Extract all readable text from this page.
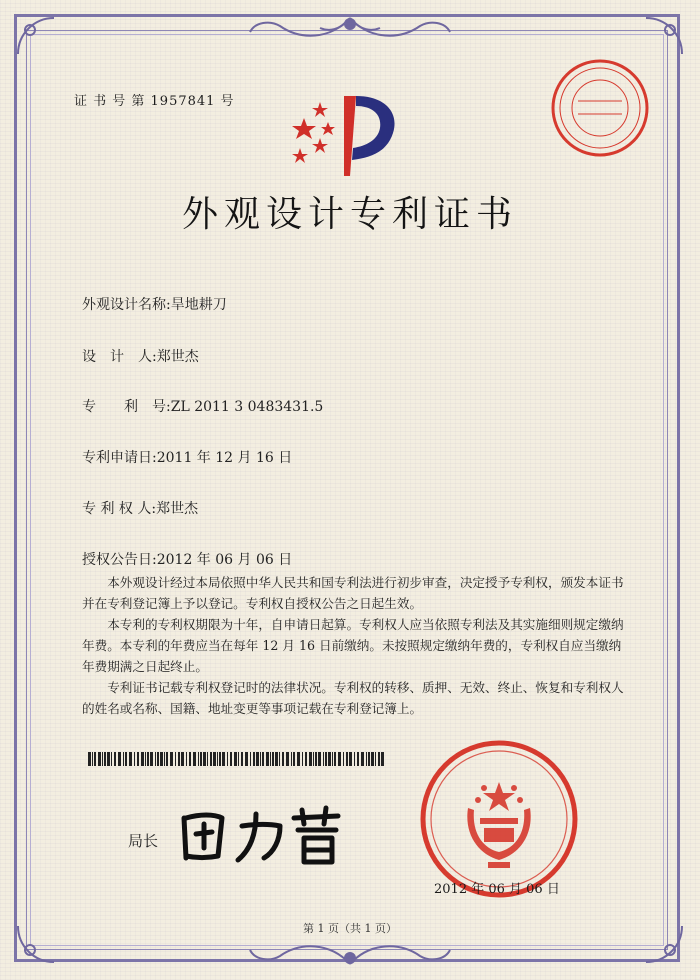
证 书 号 第 1957841 号
外观设计专利证书
外观设计名称:旱地耕刀
设　计　人:郑世杰
专　　利　号:ZL 2011 3 0483431.5
专利申请日:2011 年 12 月 16 日
专 利 权 人:郑世杰
授权公告日:2012 年 06 月 06 日

本外观设计经过本局依照中华人民共和国专利法进行初步审查，决定授予专利权，颁发本证书并在专利登记簿上予以登记。专利权自授权公告之日起生效。

本专利的专利权期限为十年，自申请日起算。专利权人应当依照专利法及其实施细则规定缴纳年费。本专利的年费应当在每年 12 月 16 日前缴纳。未按照规定缴纳年费的，专利权自应当缴纳年费期满之日起终止。

专利证书记载专利权登记时的法律状况。专利权的转移、质押、无效、终止、恢复和专利权人的姓名或名称、国籍、地址变更等事项记载在专利登记簿上。

局长
2012 年 06 月 06 日
第 1 页（共 1 页）
